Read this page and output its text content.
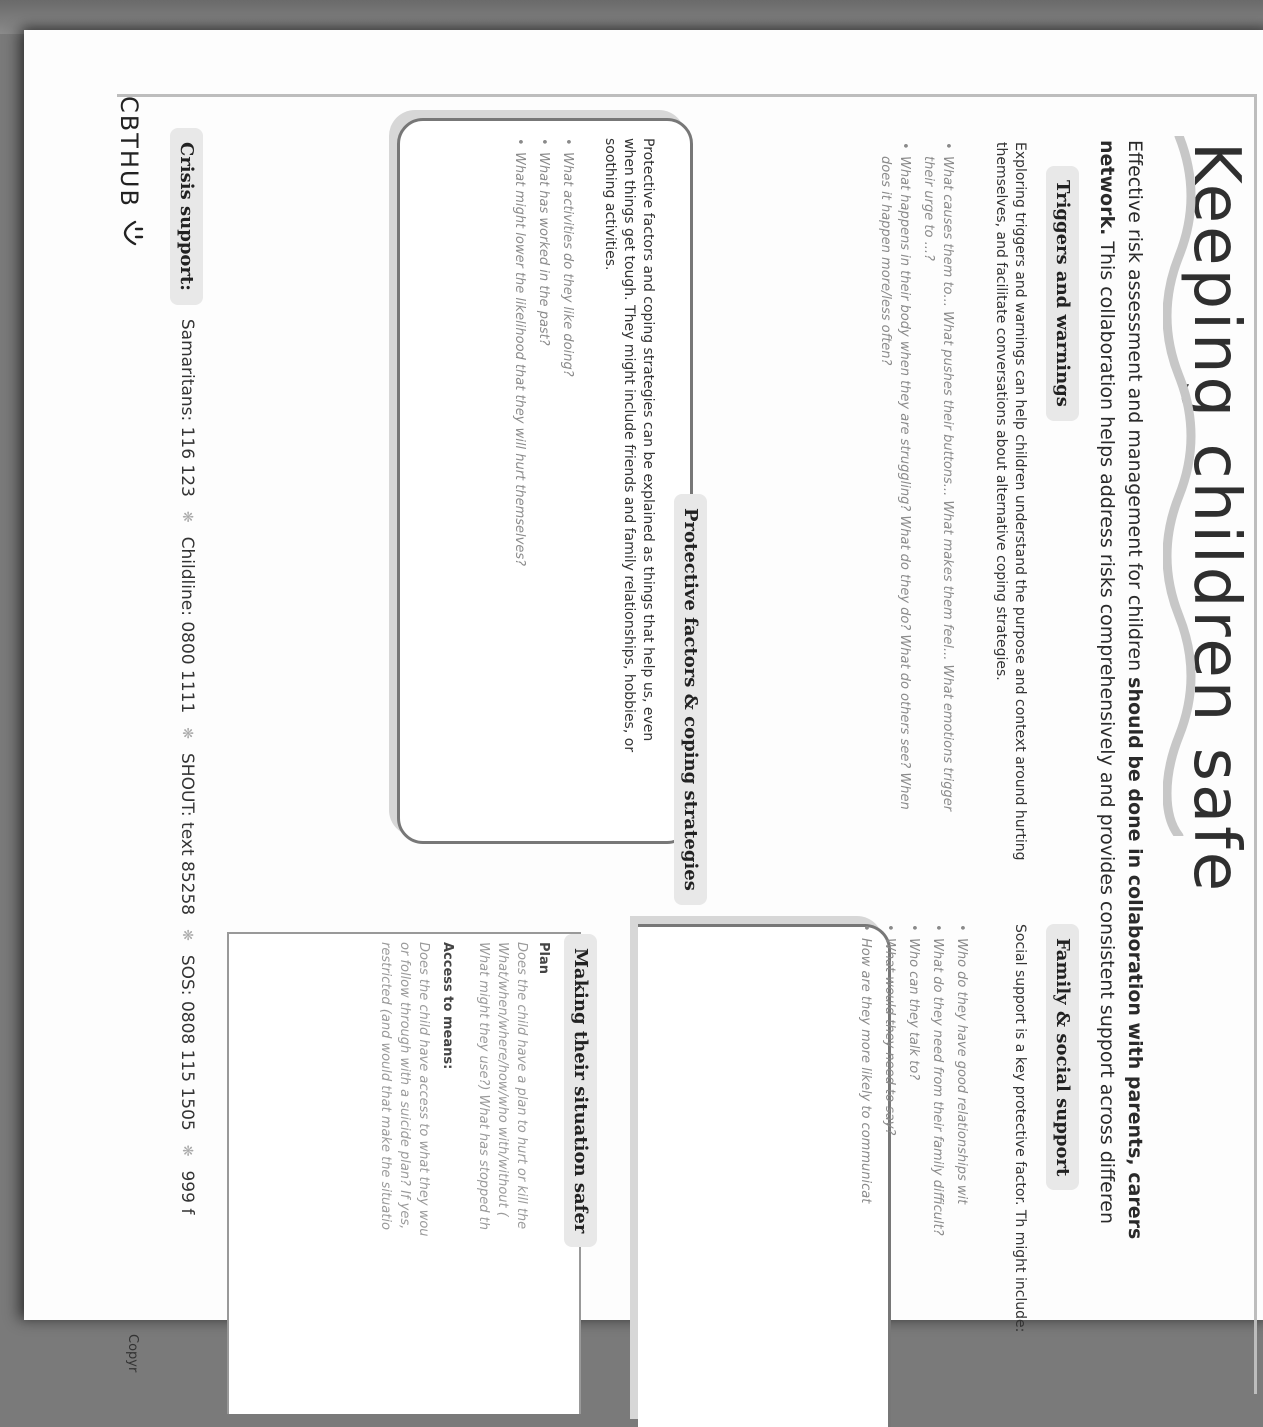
Keeping children safe
Effective risk assessment and management for children should be done in collaboration with parents, carers
network. This collaboration helps address risks comprehensively and provides consistent support across differen
Triggers and warnings
Exploring triggers and warnings can help children understand the purpose and context around hurting themselves, and facilitate conversations about alternative coping strategies.
• What causes them to... What pushes their buttons... What makes them feel... What emotions trigger their urge to ...?
• What happens in their body when they are struggling? What do they do? What do others see? When does it happen more/less often?
Protective factors & coping strategies
Protective factors and coping strategies can be explained as things that help us, even when things get tough. They might include friends and family relationships, hobbies, or soothing activities.
• What activities do they like doing?
• What has worked in the past?
• What might lower the likelihood that they will hurt themselves?
Family & social support
Social support is a key protective factor. Th might include:
• Who do they have good relationships wit
• What do they need from their family difficult?
• Who can they talk to?
• What would they need to say?
• How are they more likely to communicat
Making their situation safer
Plan
Does the child have a plan to hurt or kill the
What/when/where/how/who with/without (
What might they use?) What has stopped th
Access to means:
Does the child have access to what they wou
or follow through with a suicide plan? If yes,
restricted (and would that make the situatio
Crisis support:
Samaritans: 116 123
❋
Childline: 0800 1111
❋
SHOUT: text 85258
❋
SOS: 0808 115 1505
❋
999 f
CBTHUB
Copyr
